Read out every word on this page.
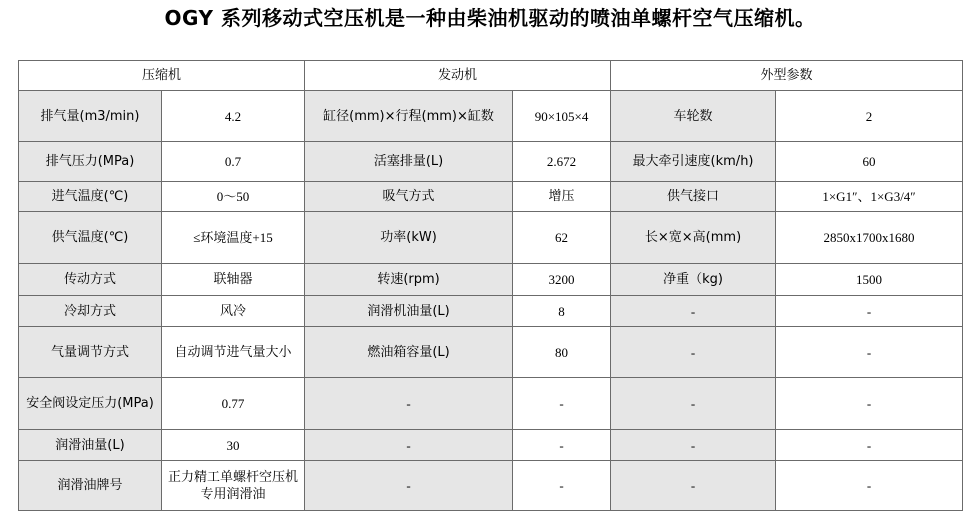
OGY 系列移动式空压机是一种由柴油机驱动的喷油单螺杆空气压缩机。
压缩机		发动机		外型参数	
排气量(m3/min)	4.2	缸径(mm)×行程(mm)×缸数	90×105×4	车轮数	2
排气压力(MPa)	0.7	活塞排量(L)	2.672	最大牵引速度(km/h)	60
进气温度(℃)	0～50	吸气方式	增压	供气接口	1×G1″、1×G3/4″
供气温度(℃)	≤环境温度+15	功率(kW)	62	长×宽×高(mm)	2850x1700x1680
传动方式	联轴器	转速(rpm)	3200	净重（kg)	1500
冷却方式	风冷	润滑机油量(L)	8	-	-
气量调节方式	自动调节进气量大小	燃油箱容量(L)	80	-	-
安全阀设定压力(MPa)	0.77	-	-	-	-
润滑油量(L)	30	-	-	-	-
润滑油牌号	正力精工单螺杆空压机专用润滑油	-	-	-	-
